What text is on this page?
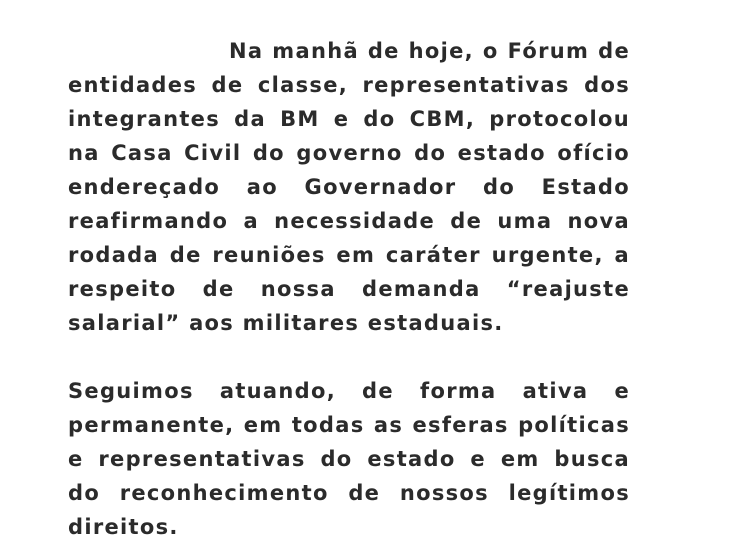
Na manhã de hoje, o Fórum de entidades de classe, representativas dos integrantes da BM e do CBM, protocolou na Casa Civil do governo do estado ofício endereçado ao Governador do Estado reafirmando a necessidade de uma nova rodada de reuniões em caráter urgente, a respeito de nossa demanda “reajuste salarial” aos militares estaduais.

Seguimos atuando, de forma ativa e permanente, em todas as esferas políticas e representativas do estado e em busca do reconhecimento de nossos legítimos direitos.
